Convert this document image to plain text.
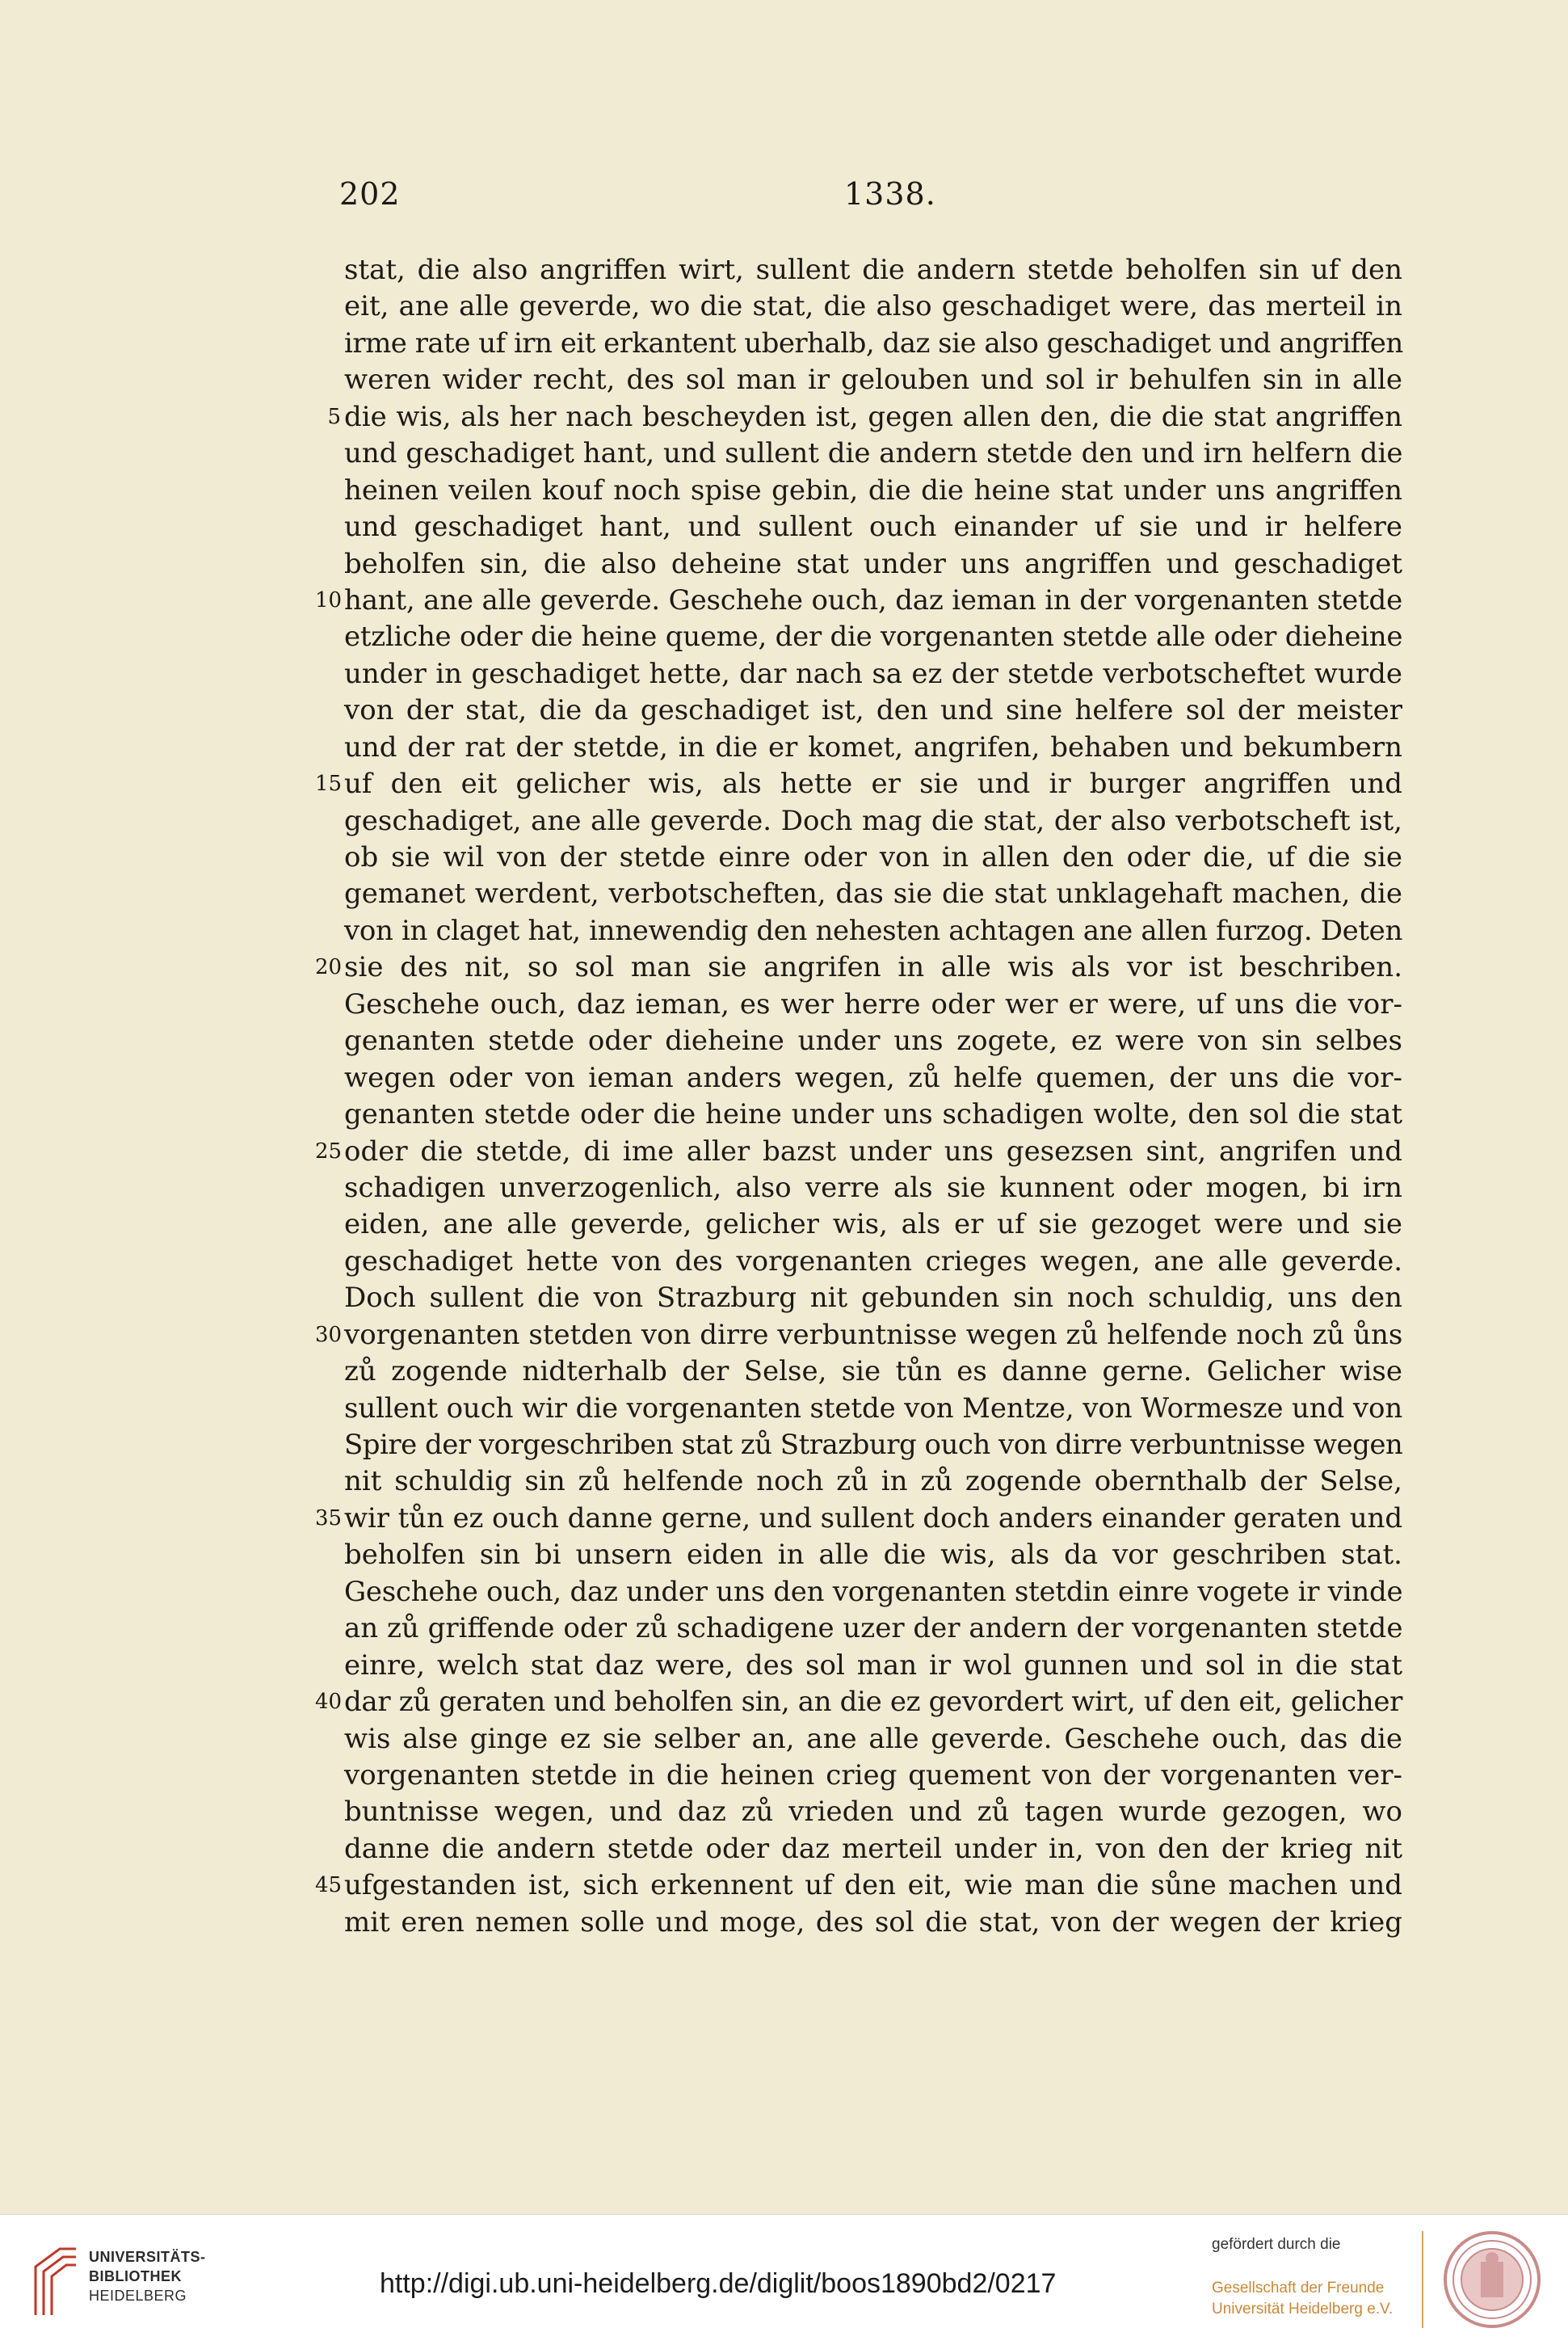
202	1338.
stat, die also angriffen wirt, sullent die andern stetde beholfen sin uf den
eit, ane alle geverde, wo die stat, die also geschadiget were, das merteil in
irme rate uf irn eit erkantent uberhalb, daz sie also geschadiget und angriffen
weren wider recht, des sol man ir geloubеn und sol ir behulfen sin in alle
5 die wis, als her nach bescheyden ist, gegen allen den, die die stat angriffen
und geschadiget hant, und sullent die andern stetde den und irn helfern die
heinen veilen kouf noch spise gebin, die die heine stat under uns angriffen
und geschadiget hant, und sullent ouch einander uf sie und ir helfere
beholfen sin, die also deheine stat under uns angriffen und geschadiget
10 hant, ane alle geverde. Geschehe ouch, daz ieman in der vorgenanten stetde
etzliche oder die heine queme, der die vorgenanten stetde alle oder dieheine
under in geschadiget hette, dar nach sa ez der stetde verbotscheftet wurde
von der stat, die da geschadiget ist, den und sine helfere sol der meister
und der rat der stetde, in die er komet, angrifen, behaben und bekumbern
15 uf den eit gelicher wis, als hette er sie und ir burger angriffen und
geschadiget, ane alle geverde. Doch mag die stat, der also verbotscheft ist,
ob sie wil von der stetde einre oder von in allen den oder die, uf die sie
gemanet werdent, verbotscheften, das sie die stat unklagehaft machen, die
von in claget hat, innewendig den nehesten achtagen ane allen furzog. Deten
20 sie des nit, so sol man sie angrifen in alle wis als vor ist beschriben.
Geschehe ouch, daz ieman, es wer herre oder wer er were, uf uns die vor-
genanten stetde oder dieheine under uns zogete, ez were von sin selbes
wegen oder von ieman anders wegen, zů helfe quemen, der uns die vor-
genanten stetde oder die heine under uns schadigen wolte, den sol die stat
25 oder die stetde, di ime aller bazst under uns gesezsen sint, angrifen und
schadigen unverzogenlich, also verre als sie kunnent oder mogen, bi irn
eiden, ane alle geverde, gelicher wis, als er uf sie gezoget were und sie
geschadiget hette von des vorgenanten crieges wegen, ane alle geverde.
Doch sullent die von Strazburg nit gebunden sin noch schuldig, uns den
30 vorgenanten stetden von dirre verbuntnisse wegen zů helfende noch zů ůns
zů zogende nidterhalb der Selse, sie tůn es danne gerne. Gelicher wise
sullent ouch wir die vorgenanten stetde von Mentze, von Wormesze und von
Spire der vorgeschriben stat zů Strazburg ouch von dirre verbuntnisse wegen
nit schuldig sin zů helfende noch zů in zů zogende obernthalb der Selse,
35 wir tůn ez ouch danne gerne, und sullent doch anders einander geraten und
beholfen sin bi unsern eiden in alle die wis, als da vor geschriben stat.
Geschehe ouch, daz under uns den vorgenanten stetdin einre vogete ir vinde
an zů griffende oder zů schadigene uzer der andern der vorgenanten stetde
einre, welch stat daz were, des sol man ir wol gunnen und sol in die stat
40 dar zů geraten und beholfen sin, an die ez gevordert wirt, uf den eit, gelicher
wis alse ginge ez sie selber an, ane alle geverde. Geschehe ouch, das die
vorgenanten stetde in die heinen crieg quement von der vorgenanten ver-
buntnisse wegen, und daz zů vrieden und zů tagen wurde gezogen, wo
danne die andern stetde oder daz merteil under in, von den der krieg nit
45 ufgestanden ist, sich erkennent uf den eit, wie man die sůne machen und
mit eren nemen solle und moge, des sol die stat, von der wegen der krieg
UNIVERSITÄTS-
BIBLIOTHEK
HEIDELBERG	http://digi.ub.uni-heidelberg.de/diglit/boos1890bd2/0217
gefördert durch die
Gesellschaft der Freunde
Universität Heidelberg e.V.
